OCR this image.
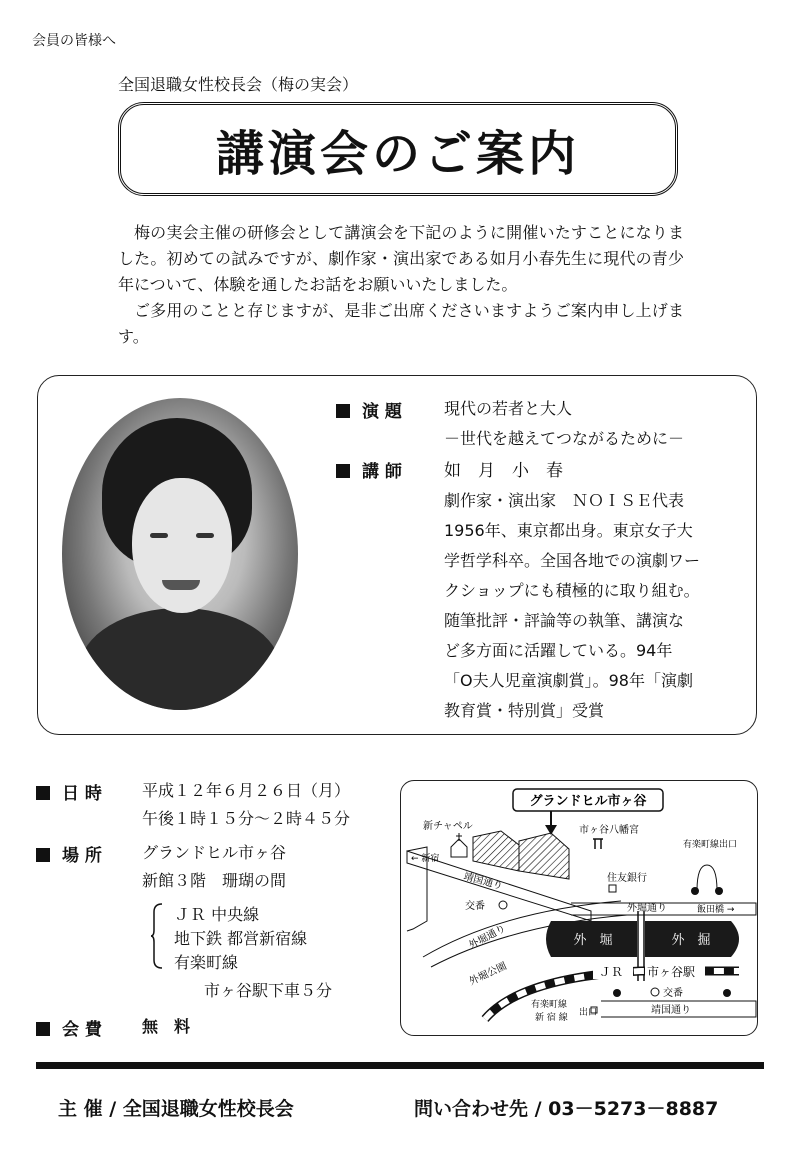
会員の皆様へ
全国退職女性校長会（梅の実会）
講演会のご案内

梅の実会主催の研修会として講演会を下記のように開催いたすことになりました。初めての試みですが、劇作家・演出家である如月小春先生に現代の青少年について、体験を通したお話をお願いいたしました。

ご多用のことと存じますが、是非ご出席くださいますようご案内申し上げます。

演 題	現代の若者と大人
－世代を越えてつながるために－
講 師 如　月　小　春
劇作家・演出家　ＮＯＩＳＥ代表
1956年、東京都出身。東京女子大
学哲学科卒。全国各地での演劇ワー
クショップにも積極的に取り組む。
随筆批評・評論等の執筆、講演な
ど多方面に活躍している。94年
「O夫人児童演劇賞」。98年「演劇
教育賞・特別賞」受賞
日 時	平成１２年６月２６日（月）
午後１時１５分～２時４５分
場 所	グランドヒル市ヶ谷
新館３階　珊瑚の間
ＪＲ 中央線
地下鉄 都営新宿線
有楽町線
市ヶ谷駅下車５分
会 費	無　料
グランドヒル市ヶ谷
新チャペル	市ヶ谷八幡宮
← 新宿
靖国通り
有楽町線出口
住友銀行
外堀通り	飯田橋 →
交番
外堀通り	外　堀	外　掘
外堀公園	ＪＲ 市ヶ谷駅
交番
有楽町線
新 宿 線 出口	靖国通り
主 催 / 全国退職女性校長会	問い合わせ先 / 03－5273－8887
